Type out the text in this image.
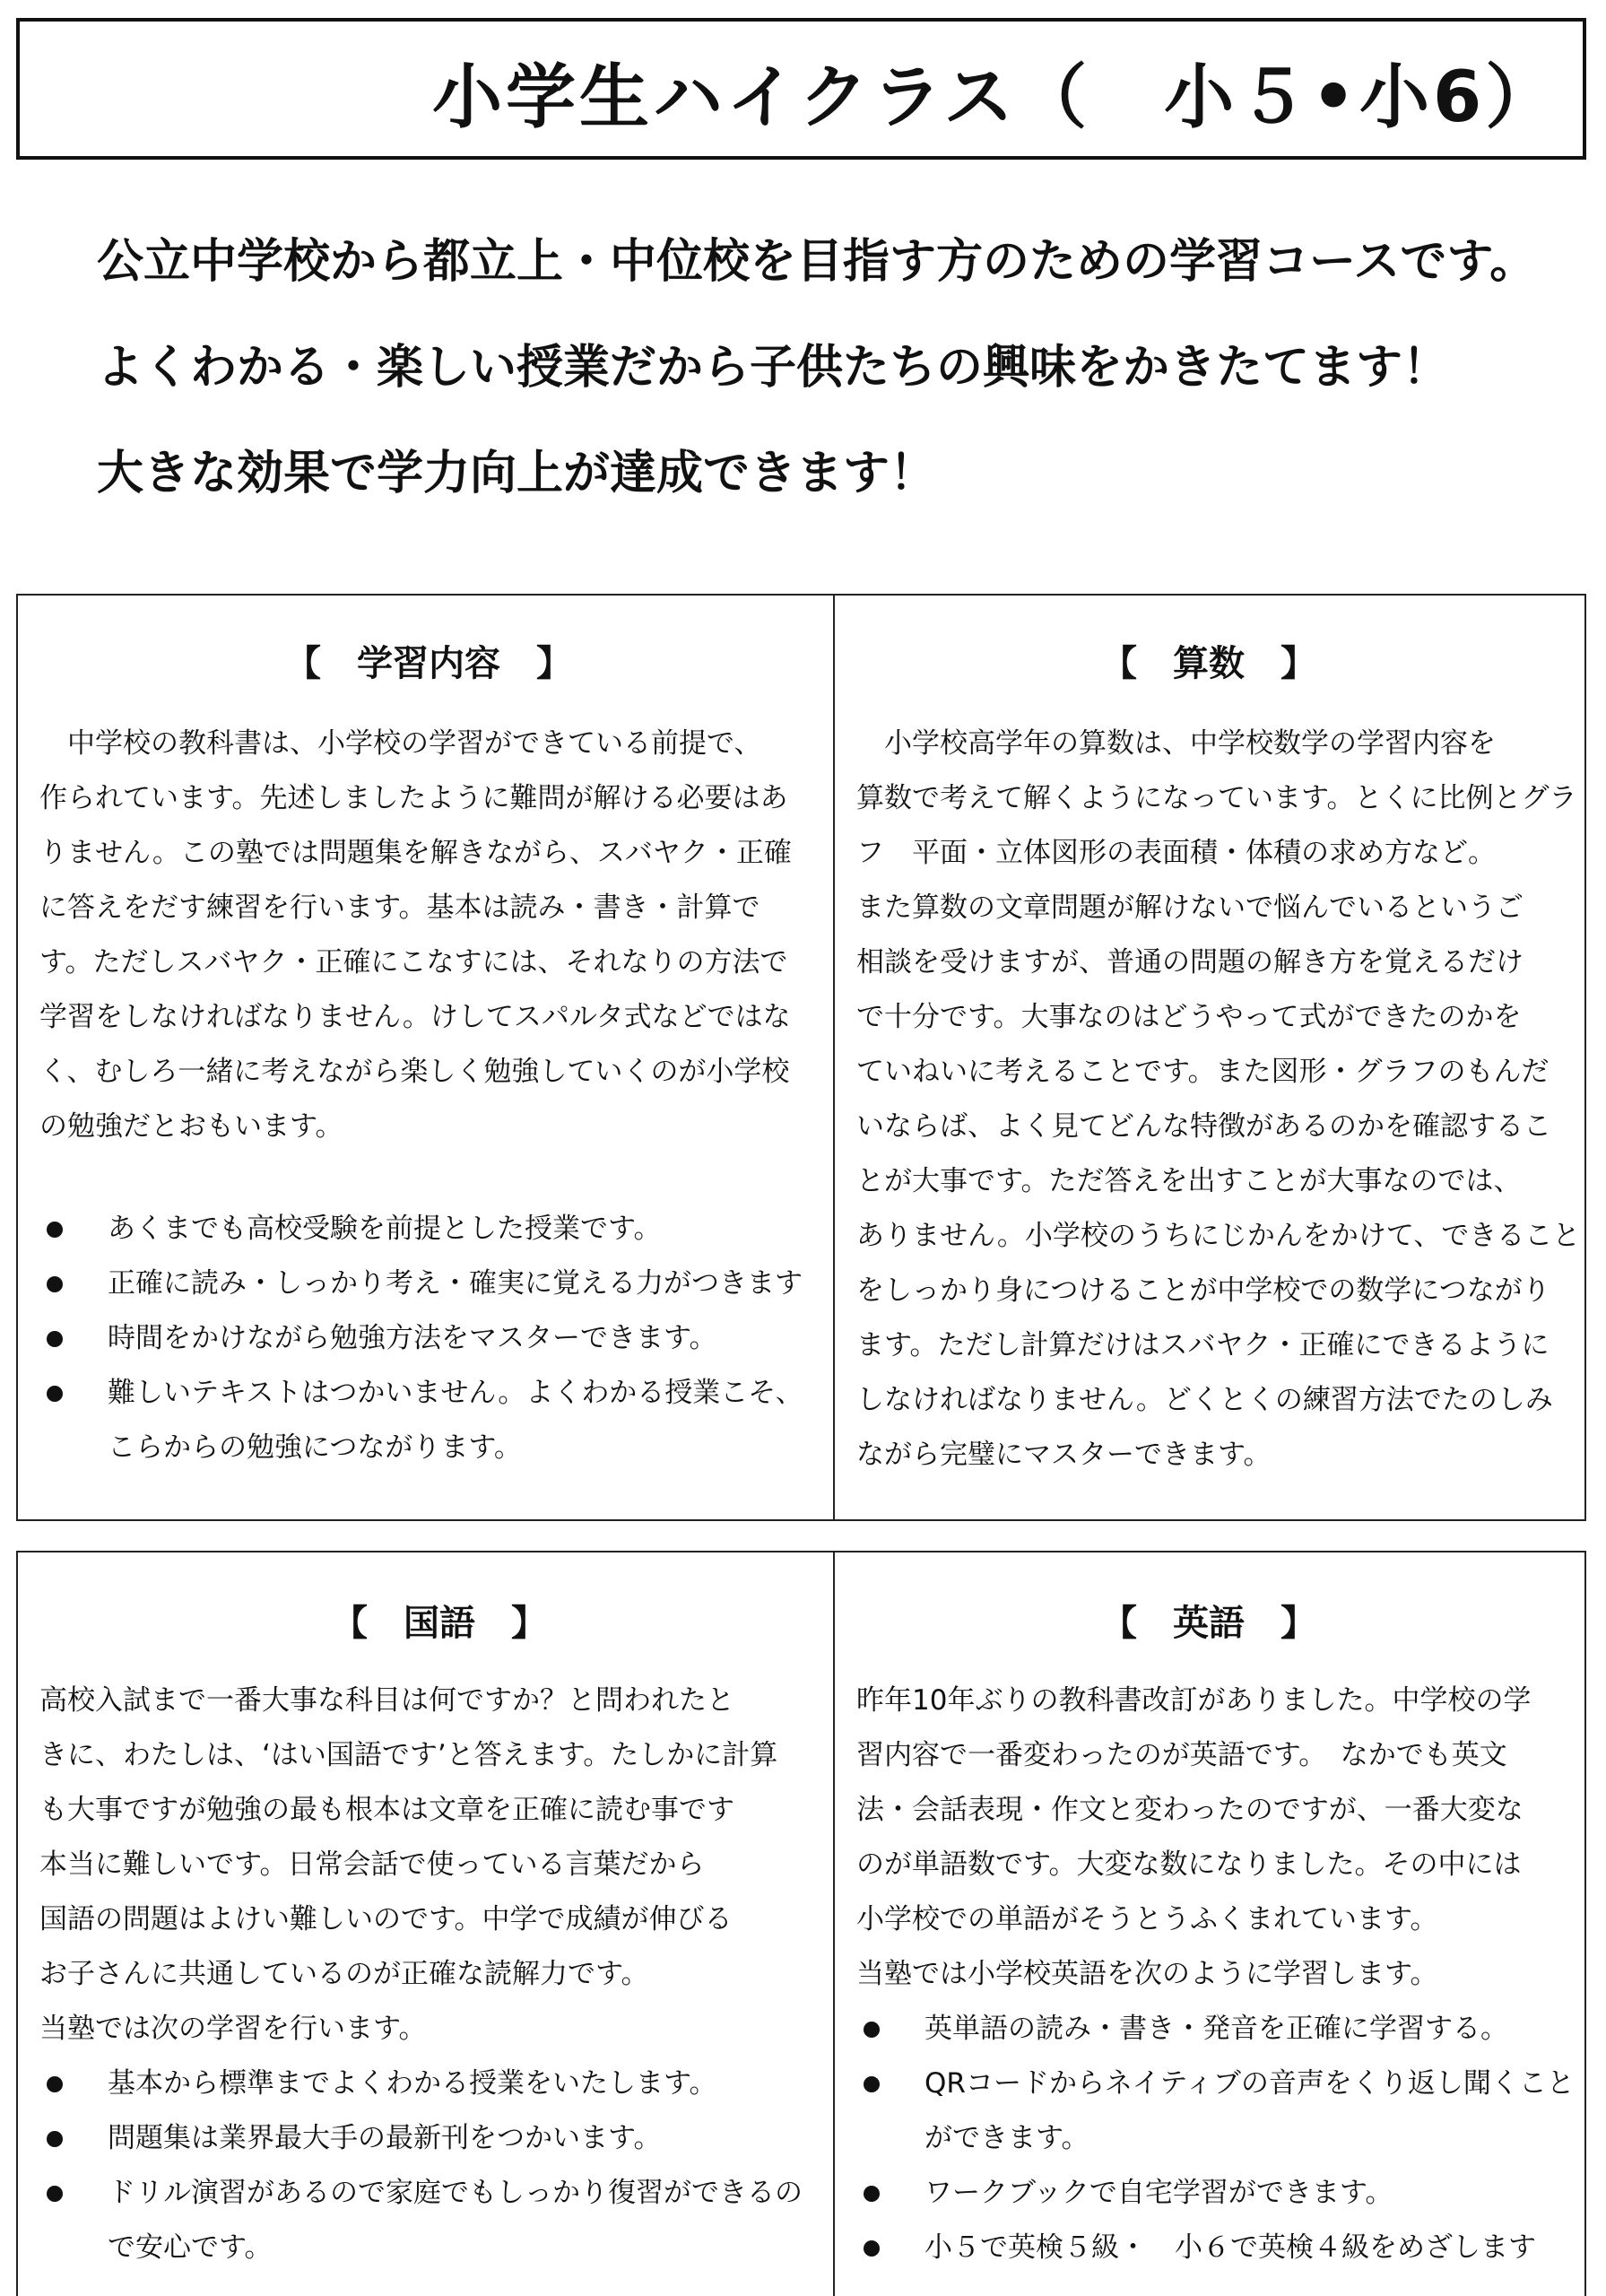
小学生ハイクラス（　小５•小6）
公立中学校から都立上・中位校を目指す方のための学習コースです。
よくわかる・楽しい授業だから子供たちの興味をかきたてます！
大きな効果で学力向上が達成できます！
【　学習内容　】
　中学校の教科書は、小学校の学習ができている前提で、
作られています。先述しましたように難問が解ける必要はあ
りません。この塾では問題集を解きながら、スバヤク・正確
に答えをだす練習を行います。基本は読み・書き・計算で
す。ただしスバヤク・正確にこなすには、それなりの方法で
学習をしなければなりません。けしてスパルタ式などではな
く、むしろ一緒に考えながら楽しく勉強していくのが小学校
の勉強だとおもいます。
あくまでも高校受験を前提とした授業です。
正確に読み・しっかり考え・確実に覚える力がつきます
時間をかけながら勉強方法をマスターできます。
難しいテキストはつかいません。よくわかる授業こそ、
こらからの勉強につながります。
【　算数　】
　小学校高学年の算数は、中学校数学の学習内容を
算数で考えて解くようになっています。とくに比例とグラ
フ　平面・立体図形の表面積・体積の求め方など。
また算数の文章問題が解けないで悩んでいるというご
相談を受けますが、普通の問題の解き方を覚えるだけ
で十分です。大事なのはどうやって式ができたのかを
ていねいに考えることです。また図形・グラフのもんだ
いならば、よく見てどんな特徴があるのかを確認するこ
とが大事です。ただ答えを出すことが大事なのでは、
ありません。小学校のうちにじかんをかけて、できること
をしっかり身につけることが中学校での数学につながり
ます。ただし計算だけはスバヤク・正確にできるように
しなければなりません。どくとくの練習方法でたのしみ
ながら完璧にマスターできます。
【　国語　】
高校入試まで一番大事な科目は何ですか？と問われたと
きに、わたしは、‘はい国語です’と答えます。たしかに計算
も大事ですが勉強の最も根本は文章を正確に読む事です
本当に難しいです。日常会話で使っている言葉だから
国語の問題はよけい難しいのです。中学で成績が伸びる
お子さんに共通しているのが正確な読解力です。
当塾では次の学習を行います。
基本から標準までよくわかる授業をいたします。
問題集は業界最大手の最新刊をつかいます。
ドリル演習があるので家庭でもしっかり復習ができるの
で安心です。
【　英語　】
昨年10年ぶりの教科書改訂がありました。中学校の学
習内容で一番変わったのが英語です。　なかでも英文
法・会話表現・作文と変わったのですが、一番大変な
のが単語数です。大変な数になりました。その中には
小学校での単語がそうとうふくまれています。
当塾では小学校英語を次のように学習します。
英単語の読み・書き・発音を正確に学習する。
QRコードからネイティブの音声をくり返し聞くこと
ができます。
ワークブックで自宅学習ができます。
小５で英検５級・　小６で英検４級をめざします
